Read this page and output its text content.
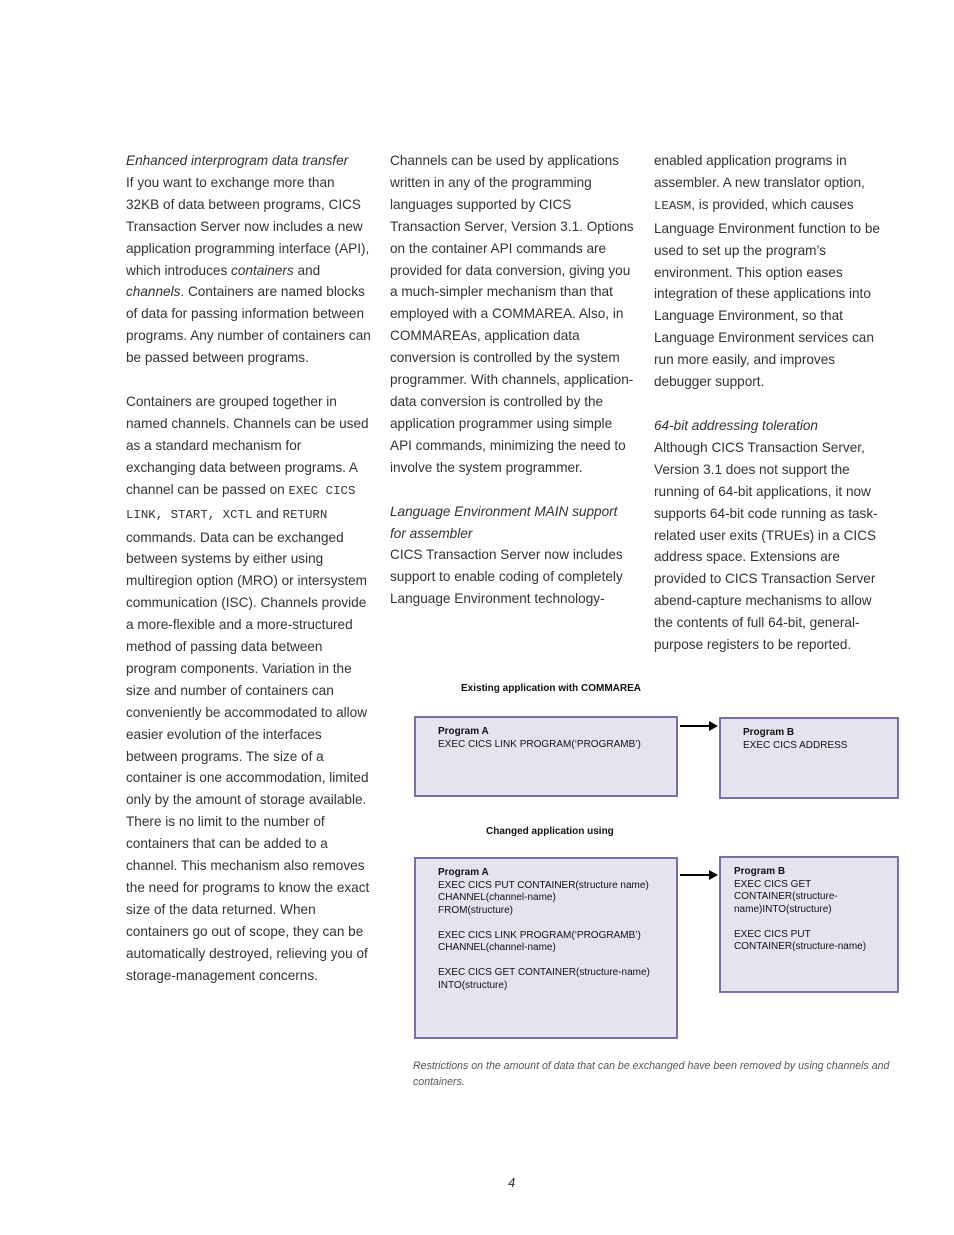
Enhanced interprogram data transfer

If you want to exchange more than 32KB of data between programs, CICS Transaction Server now includes a new application programming interface (API), which introduces containers and channels. Containers are named blocks of data for passing information between programs. Any number of containers can be passed between programs.

Containers are grouped together in named channels. Channels can be used as a standard mechanism for exchanging data between programs. A channel can be passed on EXEC CICS LINK, START, XCTL and RETURN commands. Data can be exchanged between systems by either using multiregion option (MRO) or intersystem communication (ISC). Channels provide a more-flexible and a more-structured method of passing data between program components. Variation in the size and number of containers can conveniently be accommodated to allow easier evolution of the interfaces between programs. The size of a container is one accommodation, limited only by the amount of storage available. There is no limit to the number of containers that can be added to a channel. This mechanism also removes the need for programs to know the exact size of the data returned. When containers go out of scope, they can be automatically destroyed, relieving you of storage-management concerns.

Channels can be used by applications written in any of the programming languages supported by CICS Transaction Server, Version 3.1. Options on the container API commands are provided for data conversion, giving you a much-simpler mechanism than that employed with a COMMAREA. Also, in COMMAREAs, application data conversion is controlled by the system programmer. With channels, application-data conversion is controlled by the application programmer using simple API commands, minimizing the need to involve the system programmer.

Language Environment MAIN support
for assembler

CICS Transaction Server now includes support to enable coding of completely Language Environment technology-

enabled application programs in assembler. A new translator option, LEASM, is provided, which causes Language Environment function to be used to set up the program’s environment. This option eases integration of these applications into Language Environment, so that Language Environment services can run more easily, and improves debugger support.

64-bit addressing toleration

Although CICS Transaction Server, Version 3.1 does not support the running of 64-bit applications, it now supports 64-bit code running as task-related user exits (TRUEs) in a CICS address space. Extensions are provided to CICS Transaction Server abend-capture mechanisms to allow the contents of full 64-bit, general-purpose registers to be reported.

Existing application with COMMAREA
Program A
EXEC CICS LINK PROGRAM(‘PROGRAMB’)
Program B
EXEC CICS ADDRESS
Changed application using
Program A
EXEC CICS PUT CONTAINER(structure name)
CHANNEL(channel-name)
FROM(structure)
EXEC CICS LINK PROGRAM(‘PROGRAMB’)
CHANNEL(channel-name)
EXEC CICS GET CONTAINER(structure-name)
INTO(structure)
Program B
EXEC CICS GET
CONTAINER(structure-
name)INTO(structure)
EXEC CICS PUT
CONTAINER(structure-name)
Restrictions on the amount of data that can be exchanged have been removed by using channels and containers.
4
